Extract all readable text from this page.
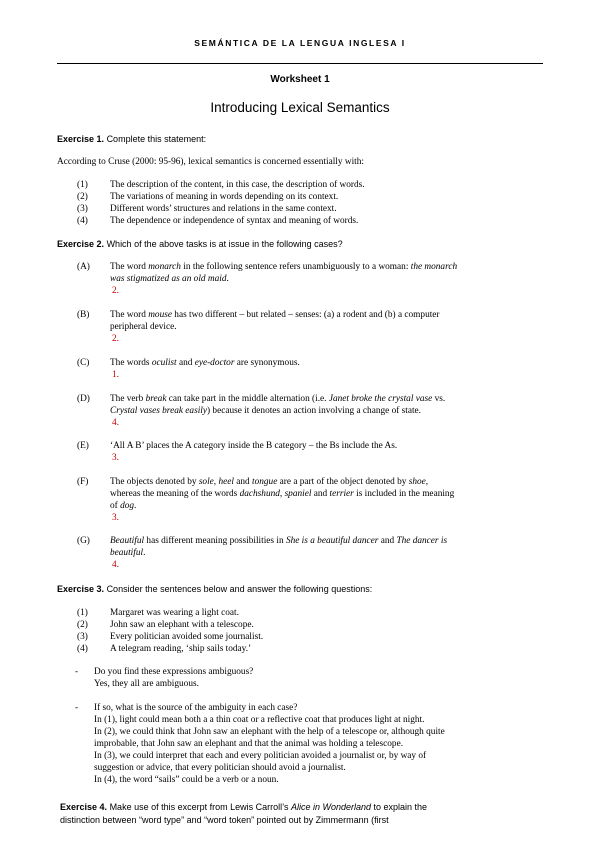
SEMÁNTICA DE LA LENGUA INGLESA I
Worksheet 1
Introducing Lexical Semantics
Exercise 1. Complete this statement:
According to Cruse (2000: 95-96), lexical semantics is concerned essentially with:
(1)	The description of the content, in this case, the description of words.
(2)	The variations of meaning in words depending on its context.
(3)	Different words’ structures and relations in the same context.
(4)	The dependence or independence of syntax and meaning of words.
Exercise 2. Which of the above tasks is at issue in the following cases?
(A)	The word monarch in the following sentence refers unambiguously to a woman: the monarch
was stigmatized as an old maid.
2.
(B)	The word mouse has two different – but related – senses: (a) a rodent and (b) a computer
peripheral device.
2.
(C)	The words oculist and eye-doctor are synonymous.
1.
(D)	The verb break can take part in the middle alternation (i.e. Janet broke the crystal vase vs.
Crystal vases break easily) because it denotes an action involving a change of state.
4.
(E)	‘All A B’ places the A category inside the B category – the Bs include the As.
3.
(F)	The objects denoted by sole, heel and tongue are a part of the object denoted by shoe,
whereas the meaning of the words dachshund, spaniel and terrier is included in the meaning
of dog.
3.
(G)	Beautiful has different meaning possibilities in She is a beautiful dancer and The dancer is
beautiful.
4.
Exercise 3. Consider the sentences below and answer the following questions:
(1)	Margaret was wearing a light coat.
(2)	John saw an elephant with a telescope.
(3)	Every politician avoided some journalist.
(4)	A telegram reading, ‘ship sails today.’
- Do you find these expressions ambiguous?
Yes, they all are ambiguous.
- If so, what is the source of the ambiguity in each case?
In (1), light could mean both a a thin coat or a reflective coat that produces light at night.
In (2), we could think that John saw an elephant with the help of a telescope or, although quite
improbable, that John saw an elephant and that the animal was holding a telescope.
In (3), we could interpret that each and every politician avoided a journalist or, by way of
suggestion or advice, that every politician should avoid a journalist.
In (4), the word “sails” could be a verb or a noun.
Exercise 4. Make use of this excerpt from Lewis Carroll’s Alice in Wonderland to explain the
distinction between “word type” and “word token” pointed out by Zimmermann (first
